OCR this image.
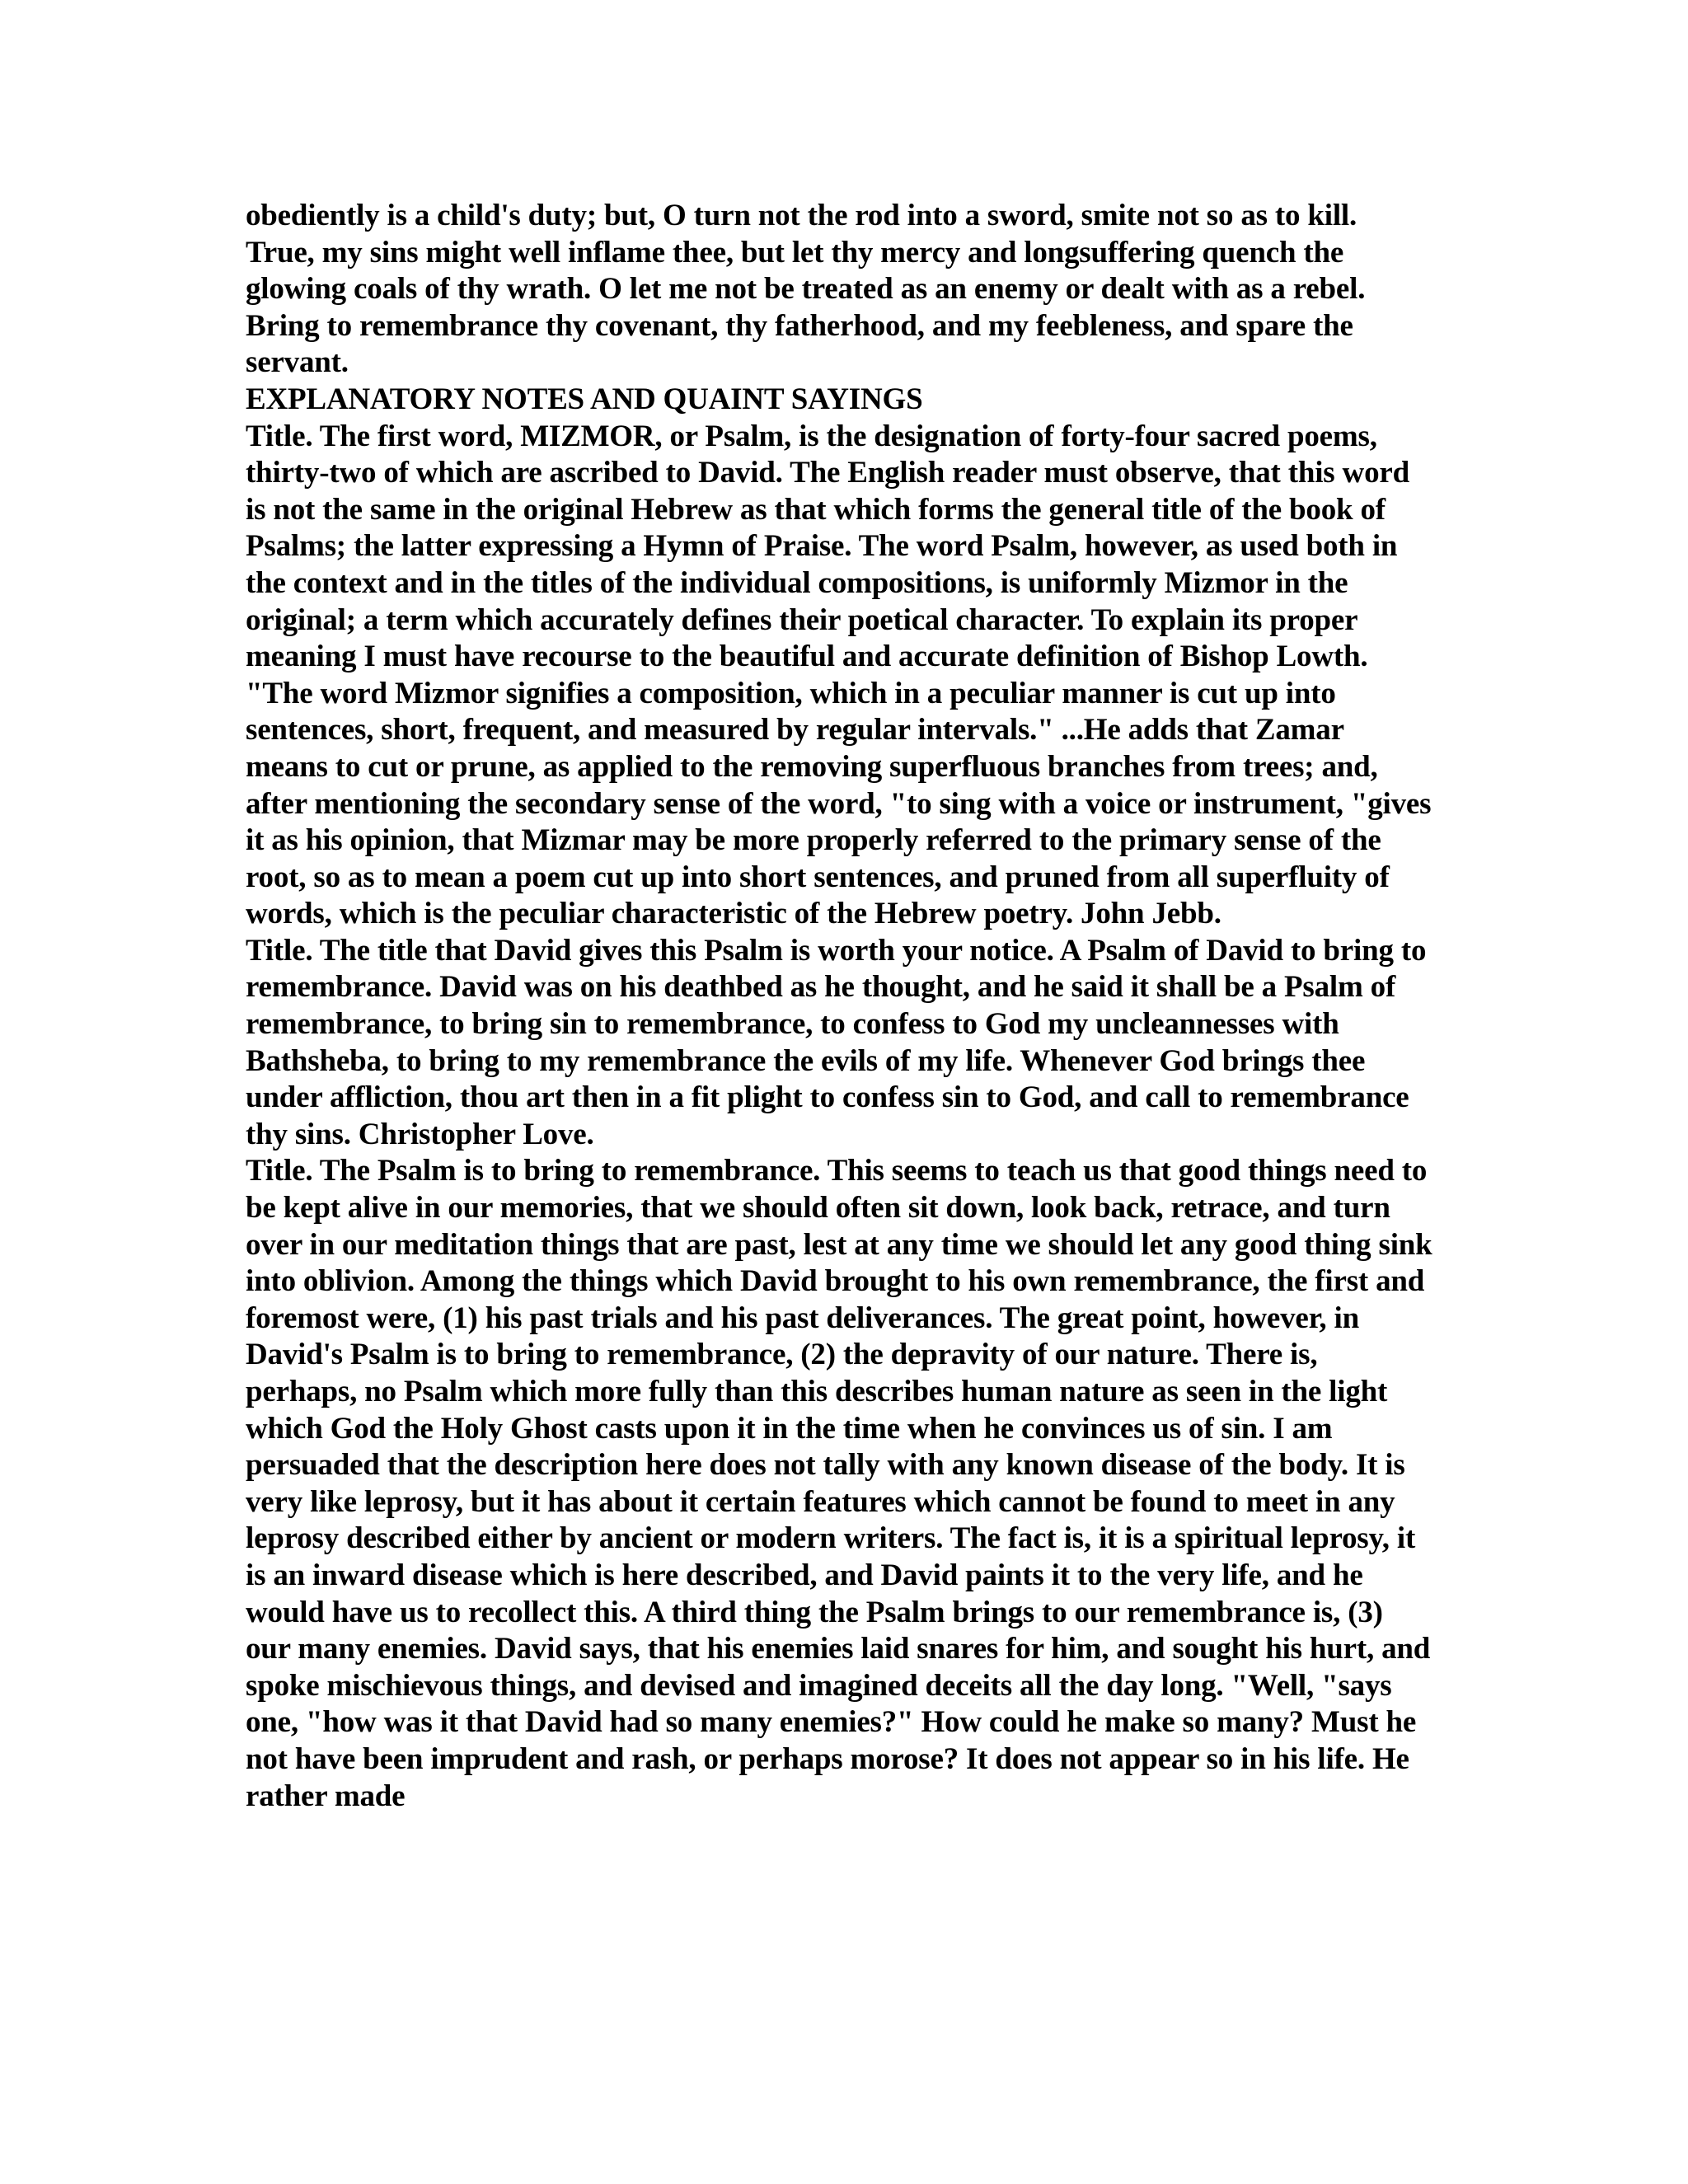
obediently is a child's duty; but, O turn not the rod into a sword, smite not so as to kill. True, my sins might well inflame thee, but let thy mercy and longsuffering quench the glowing coals of thy wrath. O let me not be treated as an enemy or dealt with as a rebel. Bring to remembrance thy covenant, thy fatherhood, and my feebleness, and spare the servant.

EXPLANATORY NOTES AND QUAINT SAYINGS

Title. The first word, MIZMOR, or Psalm, is the designation of forty-four sacred poems, thirty-two of which are ascribed to David. The English reader must observe, that this word is not the same in the original Hebrew as that which forms the general title of the book of Psalms; the latter expressing a Hymn of Praise. The word Psalm, however, as used both in the context and in the titles of the individual compositions, is uniformly Mizmor in the original; a term which accurately defines their poetical character. To explain its proper meaning I must have recourse to the beautiful and accurate definition of Bishop Lowth. "The word Mizmor signifies a composition, which in a peculiar manner is cut up into sentences, short, frequent, and measured by regular intervals." ...He adds that Zamar means to cut or prune, as applied to the removing superfluous branches from trees; and, after mentioning the secondary sense of the word, "to sing with a voice or instrument, "gives it as his opinion, that Mizmar may be more properly referred to the primary sense of the root, so as to mean a poem cut up into short sentences, and pruned from all superfluity of words, which is the peculiar characteristic of the Hebrew poetry. John Jebb.

Title. The title that David gives this Psalm is worth your notice. A Psalm of David to bring to remembrance. David was on his deathbed as he thought, and he said it shall be a Psalm of remembrance, to bring sin to remembrance, to confess to God my uncleannesses with Bathsheba, to bring to my remembrance the evils of my life. Whenever God brings thee under affliction, thou art then in a fit plight to confess sin to God, and call to remembrance thy sins. Christopher Love.

Title. The Psalm is to bring to remembrance. This seems to teach us that good things need to be kept alive in our memories, that we should often sit down, look back, retrace, and turn over in our meditation things that are past, lest at any time we should let any good thing sink into oblivion. Among the things which David brought to his own remembrance, the first and foremost were, (1) his past trials and his past deliverances. The great point, however, in David's Psalm is to bring to remembrance, (2) the depravity of our nature. There is, perhaps, no Psalm which more fully than this describes human nature as seen in the light which God the Holy Ghost casts upon it in the time when he convinces us of sin. I am persuaded that the description here does not tally with any known disease of the body. It is very like leprosy, but it has about it certain features which cannot be found to meet in any leprosy described either by ancient or modern writers. The fact is, it is a spiritual leprosy, it is an inward disease which is here described, and David paints it to the very life, and he would have us to recollect this. A third thing the Psalm brings to our remembrance is, (3) our many enemies. David says, that his enemies laid snares for him, and sought his hurt, and spoke mischievous things, and devised and imagined deceits all the day long. "Well, "says one, "how was it that David had so many enemies?" How could he make so many? Must he not have been imprudent and rash, or perhaps morose? It does not appear so in his life. He rather made
